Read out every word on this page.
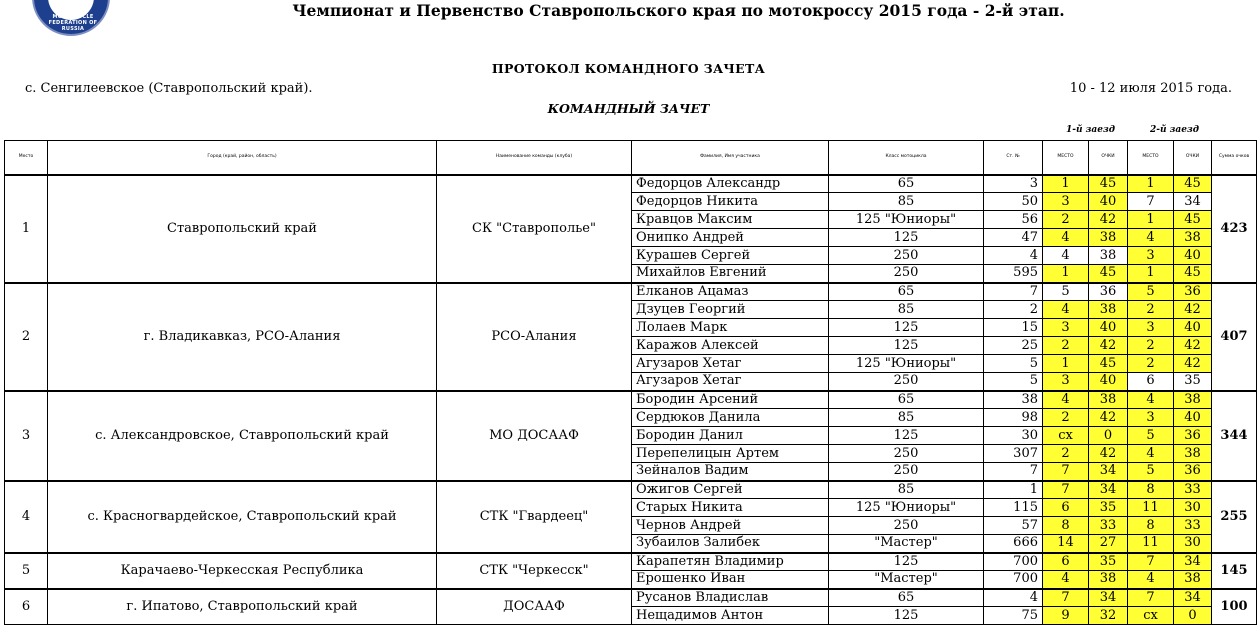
MOTORCYCLE FEDERATION OF RUSSIA
Чемпионат и Первенство Ставропольского края по мотокроссу 2015 года - 2-й этап.
ПРОТОКОЛ КОМАНДНОГО ЗАЧЕТА
с. Сенгилеевское (Ставропольский край).	10 - 12 июля 2015 года.
КОМАНДНЫЙ ЗАЧЕТ
1-й заезд	2-й заезд
Место	Город (край, район, область)	Наименование команды (клуба)	Фамилия, Имя участника	Класс мотоцикла	Ст. №	МЕСТО	ОЧКИ	МЕСТО	ОЧКИ	Сумма очков
1	Ставропольский край	СК "Ставрополье"	Федорцов Александр	65	3	1	45	1	45	423
			Федорцов Никита	85	50	3	40	7	34	
			Кравцов Максим	125 "Юниоры"	56	2	42	1	45	
			Онипко Андрей	125	47	4	38	4	38	
			Курашев Сергей	250	4	4	38	3	40	
			Михайлов Евгений	250	595	1	45	1	45	
2	г. Владикавказ, РСО-Алания	РСО-Алания	Елканов Ацамаз	65	7	5	36	5	36	407
			Дзуцев Георгий	85	2	4	38	2	42	
			Лолаев Марк	125	15	3	40	3	40	
			Каражов Алексей	125	25	2	42	2	42	
			Агузаров Хетаг	125 "Юниоры"	5	1	45	2	42	
			Агузаров Хетаг	250	5	3	40	6	35	
3	с. Александровское, Ставропольский край	МО ДОСААФ	Бородин Арсений	65	38	4	38	4	38	344
			Сердюков Данила	85	98	2	42	3	40	
			Бородин Данил	125	30	сх	0	5	36	
			Перепелицын Артем	250	307	2	42	4	38	
			Зейналов Вадим	250	7	7	34	5	36	
4	с. Красногвардейское, Ставропольский край	СТК "Гвардеец"	Ожигов Сергей	85	1	7	34	8	33	255
			Старых Никита	125 "Юниоры"	115	6	35	11	30	
			Чернов Андрей	250	57	8	33	8	33	
			Зубаилов Залибек	"Мастер"	666	14	27	11	30	
5	Карачаево-Черкесская Республика	СТК "Черкесск"	Карапетян Владимир	125	700	6	35	7	34	145
			Ерошенко Иван	"Мастер"	700	4	38	4	38	
6	г. Ипатово, Ставропольский край	ДОСААФ	Русанов Владислав	65	4	7	34	7	34	100
			Нещадимов Антон	125	75	9	32	сх	0	
